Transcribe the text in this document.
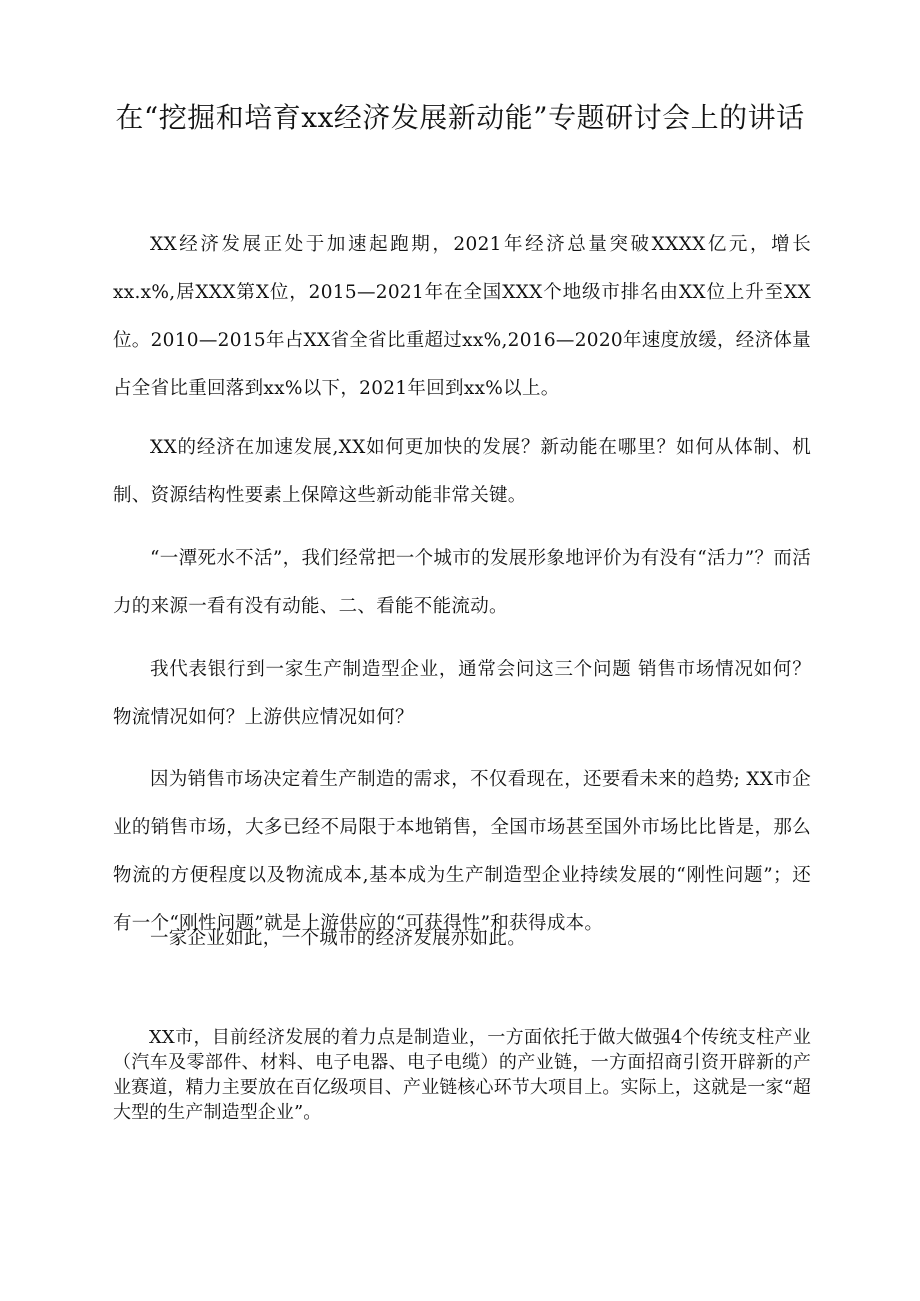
在“挖掘和培育xx经济发展新动能”专题研讨会上的讲话

XX经济发展正处于加速起跑期，2021年经济总量突破XXXX亿元，增长xx.x%,居XXX第X位，2015—2021年在全国XXX个地级市排名由XX位上升至XX位。2010—2015年占XX省全省比重超过xx%,2016—2020年速度放缓，经济体量占全省比重回落到xx%以下，2021年回到xx%以上。

XX的经济在加速发展,XX如何更加快的发展？新动能在哪里？如何从体制、机制、资源结构性要素上保障这些新动能非常关键。

“一潭死水不活”，我们经常把一个城市的发展形象地评价为有没有“活力”？而活力的来源一看有没有动能、二、看能不能流动。

我代表银行到一家生产制造型企业，通常会问这三个问题 销售市场情况如何？物流情况如何？上游供应情况如何？

因为销售市场决定着生产制造的需求，不仅看现在，还要看未来的趋势; XX市企业的销售市场，大多已经不局限于本地销售，全国市场甚至国外市场比比皆是，那么物流的方便程度以及物流成本,基本成为生产制造型企业持续发展的“刚性问题”；还有一个“刚性问题”就是上游供应的“可获得性”和获得成本。

一家企业如此，一个城市的经济发展亦如此。

XX市，目前经济发展的着力点是制造业，一方面依托于做大做强4个传统支柱产业（汽车及零部件、材料、电子电器、电子电缆）的产业链，一方面招商引资开辟新的产业赛道，精力主要放在百亿级项目、产业链核心环节大项目上。实际上，这就是一家“超大型的生产制造型企业”。
